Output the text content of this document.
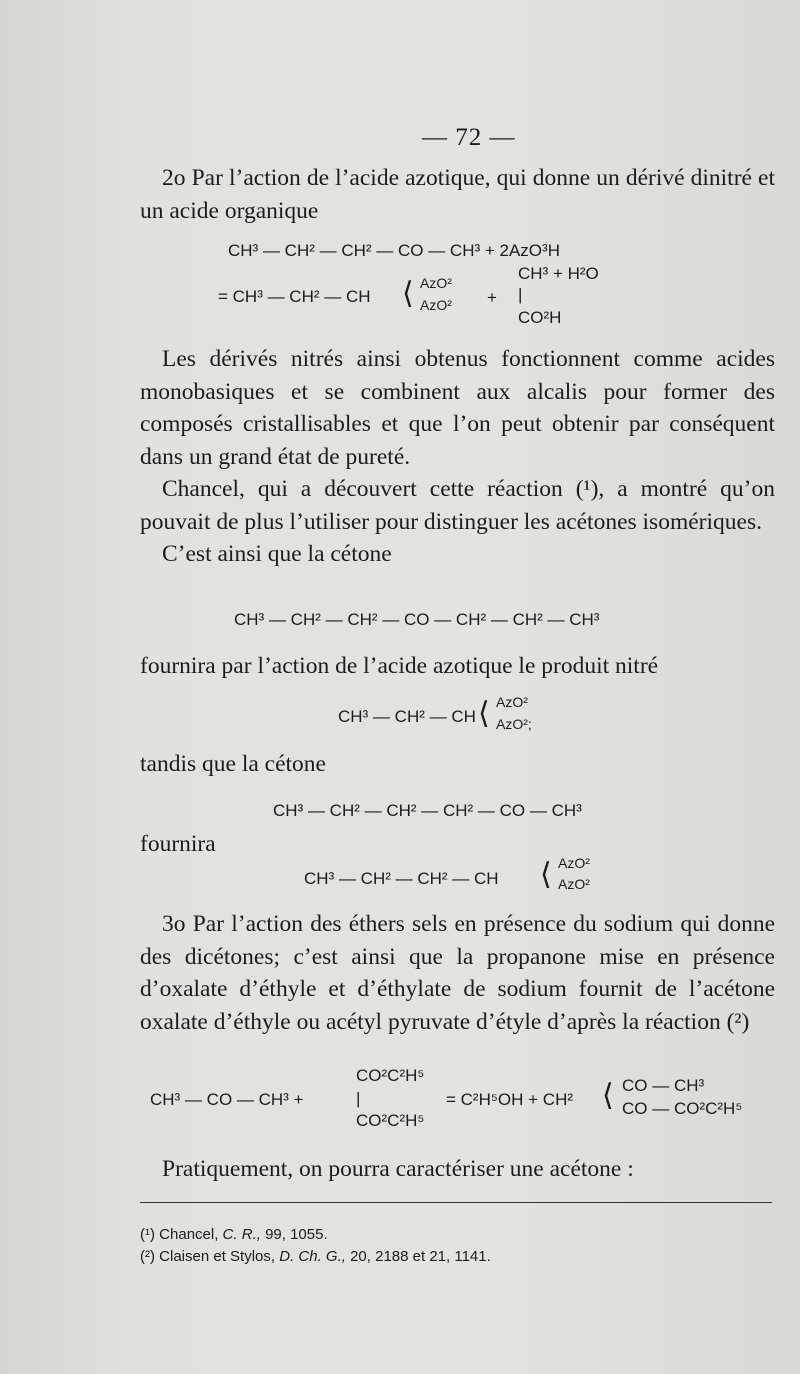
— 72 —

2o Par l’action de l’acide azotique, qui donne un dérivé dinitré et un acide organique

CH³ — CH² — CH² — CO — CH³ + 2AzO³H
CH³ + H²O
= CH³ — CH² — CH ⟨ AzO²
AzO² + |
CO²H

Les dérivés nitrés ainsi obtenus fonctionnent comme acides monobasiques et se combinent aux alcalis pour former des composés cristallisables et que l’on peut obtenir par conséquent dans un grand état de pureté.

Chancel, qui a découvert cette réaction (¹), a montré qu’on pouvait de plus l’utiliser pour distinguer les acétones isomériques.

C’est ainsi que la cétone

CH³ — CH² — CH² — CO — CH² — CH² — CH³

fournira par l’action de l’acide azotique le produit nitré

CH³ — CH² — CH ⟨ AzO²
AzO²;

tandis que la cétone

CH³ — CH² — CH² — CH² — CO — CH³

fournira

CH³ — CH² — CH² — CH ⟨ AzO²
AzO²

3o Par l’action des éthers sels en présence du sodium qui donne des dicétones; c’est ainsi que la propanone mise en présence d’oxalate d’éthyle et d’éthylate de sodium fournit de l’acétone oxalate d’éthyle ou acétyl pyruvate d’étyle d’après la réaction (²)

CO²C²H⁵
CH³ — CO — CH³ +	|
CO²C²H⁵
= C²H⁵OH + CH² ⟨ CO — CH³
CO — CO²C²H⁵

Pratiquement, on pourra caractériser une acétone :

(¹) Chancel, C. R., 99, 1055.
(²) Claisen et Stylos, D. Ch. G., 20, 2188 et 21, 1141.
